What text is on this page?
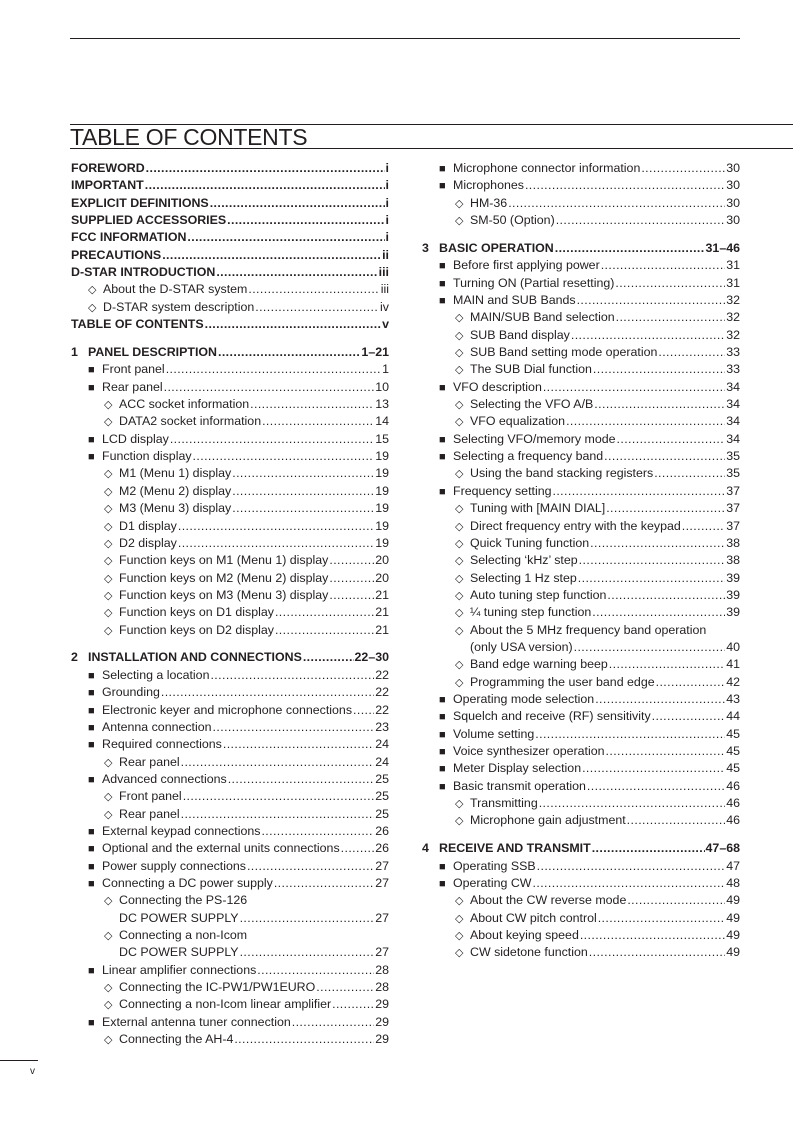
TABLE OF CONTENTS
FOREWORD .....	i
IMPORTANT .....	i
EXPLICIT DEFINITIONS .....	i
SUPPLIED ACCESSORIES .....	i
FCC INFORMATION .....	i
PRECAUTIONS .....	ii
D-STAR INTRODUCTION .....	iii
◇ About the D-STAR system .....	iii
◇ D-STAR system description .....	iv
TABLE OF CONTENTS .....	v
1 PANEL DESCRIPTION .....	1–21
■ Front panel .....	1
■ Rear panel .....	10
◇ ACC socket information .....	13
◇ DATA2 socket information .....	14
■ LCD display .....	15
■ Function display .....	19
◇ M1 (Menu 1) display .....	19
◇ M2 (Menu 2) display .....	19
◇ M3 (Menu 3) display .....	19
◇ D1 display .....	19
◇ D2 display .....	19
◇ Function keys on M1 (Menu 1) display .....	20
◇ Function keys on M2 (Menu 2) display .....	20
◇ Function keys on M3 (Menu 3) display .....	21
◇ Function keys on D1 display .....	21
◇ Function keys on D2 display .....	21
2 INSTALLATION AND CONNECTIONS .....	22–30
■ Selecting a location .....	22
■ Grounding .....	22
■ Electronic keyer and microphone connections ..... 22
■ Antenna connection .....	23
■ Required connections .....	24
◇ Rear panel .....	24
■ Advanced connections .....	25
◇ Front panel .....	25
◇ Rear panel .....	25
■ External keypad connections .....	26
■ Optional and the external units connections .....	26
■ Power supply connections .....	27
■ Connecting a DC power supply .....	27
◇ Connecting the PS-126
DC POWER SUPPLY .....	27
◇ Connecting a non-Icom
DC POWER SUPPLY .....	27
■ Linear amplifier connections .....	28
◇ Connecting the IC-PW1/PW1EURO .....	28
◇ Connecting a non-Icom linear amplifier .....	29
■ External antenna tuner connection .....	29
◇ Connecting the AH-4 .....	29
■ Microphone connector information .....	30
■ Microphones .....	30
◇ HM-36 .....	30
◇ SM-50 (Option) .....	30
3 BASIC OPERATION .....	31–46
■ Before first applying power .....	31
■ Turning ON (Partial resetting) .....	31
■ MAIN and SUB Bands .....	32
◇ MAIN/SUB Band selection .....	32
◇ SUB Band display .....	32
◇ SUB Band setting mode operation .....	33
◇ The SUB Dial function .....	33
■ VFO description .....	34
◇ Selecting the VFO A/B .....	34
◇ VFO equalization .....	34
■ Selecting VFO/memory mode .....	34
■ Selecting a frequency band .....	35
◇ Using the band stacking registers .....	35
■ Frequency setting .....	37
◇ Tuning with [MAIN DIAL] .....	37
◇ Direct frequency entry with the keypad .....	37
◇ Quick Tuning function .....	38
◇ Selecting ‘kHz’ step .....	38
◇ Selecting 1 Hz step .....	39
◇ Auto tuning step function .....	39
◇ ¼ tuning step function .....	39
◇ About the 5 MHz frequency band operation
(only USA version) .....	40
◇ Band edge warning beep .....	41
◇ Programming the user band edge .....	42
■ Operating mode selection .....	43
■ Squelch and receive (RF) sensitivity .....	44
■ Volume setting .....	45
■ Voice synthesizer operation .....	45
■ Meter Display selection .....	45
■ Basic transmit operation .....	46
◇ Transmitting .....	46
◇ Microphone gain adjustment .....	46
4 RECEIVE AND TRANSMIT .....	47–68
■ Operating SSB .....	47
■ Operating CW .....	48
◇ About the CW reverse mode .....	49
◇ About CW pitch control .....	49
◇ About keying speed .....	49
◇ CW sidetone function .....	49
v
